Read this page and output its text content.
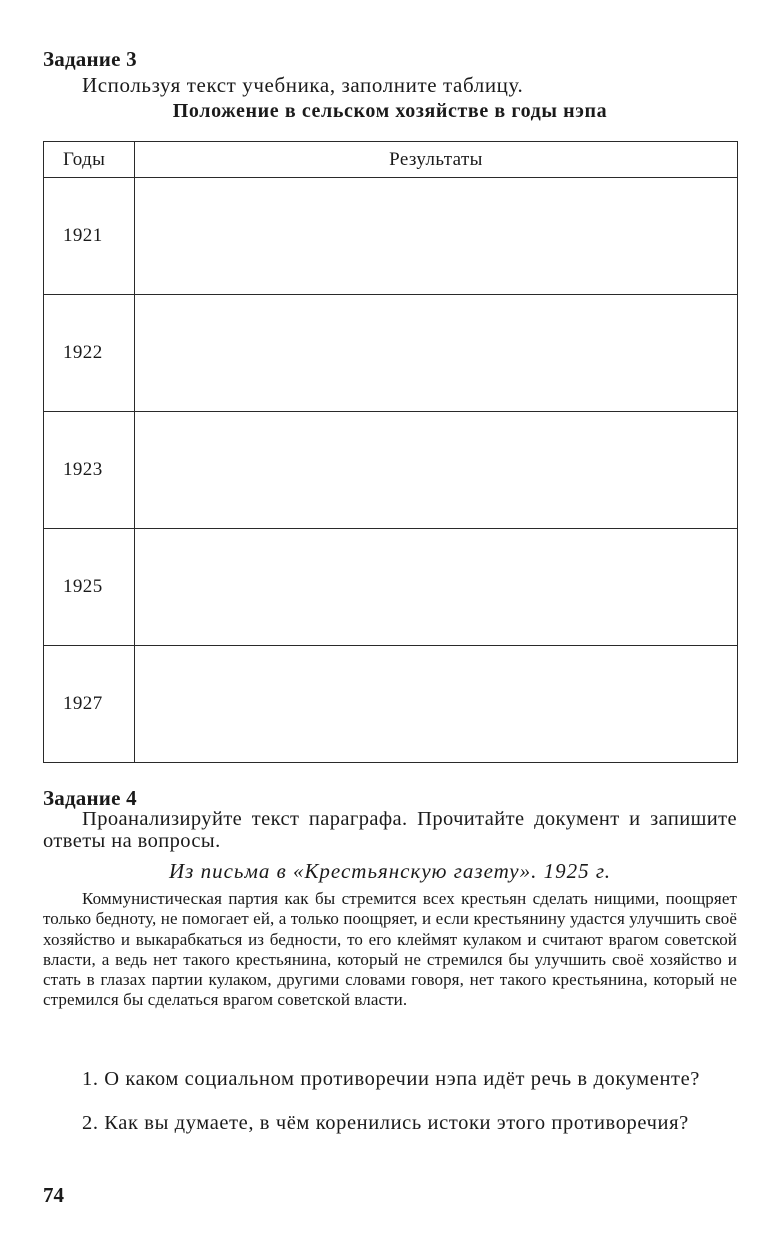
Задание 3
Используя текст учебника, заполните таблицу.
Положение в сельском хозяйстве в годы нэпа
Годы	Результаты
1921	
1922	
1923	
1925	
1927	
Задание 4
Проанализируйте текст параграфа. Прочитайте документ и запишите ответы на вопросы.
Из письма в «Крестьянскую газету». 1925 г.
Коммунистическая партия как бы стремится всех крестьян сделать нищими, поощряет только бедноту, не помогает ей, а только поощряет, и если крестьянину удастся улучшить своё хозяйство и выкарабкаться из бедности, то его клеймят кулаком и считают врагом советской власти, а ведь нет такого крестьянина, который не стремился бы улучшить своё хозяйство и стать в глазах партии кулаком, другими словами говоря, нет такого крестьянина, который не стремился бы сделаться врагом советской власти.
1. О каком социальном противоречии нэпа идёт речь в документе?
2. Как вы думаете, в чём коренились истоки этого противоречия?
74
